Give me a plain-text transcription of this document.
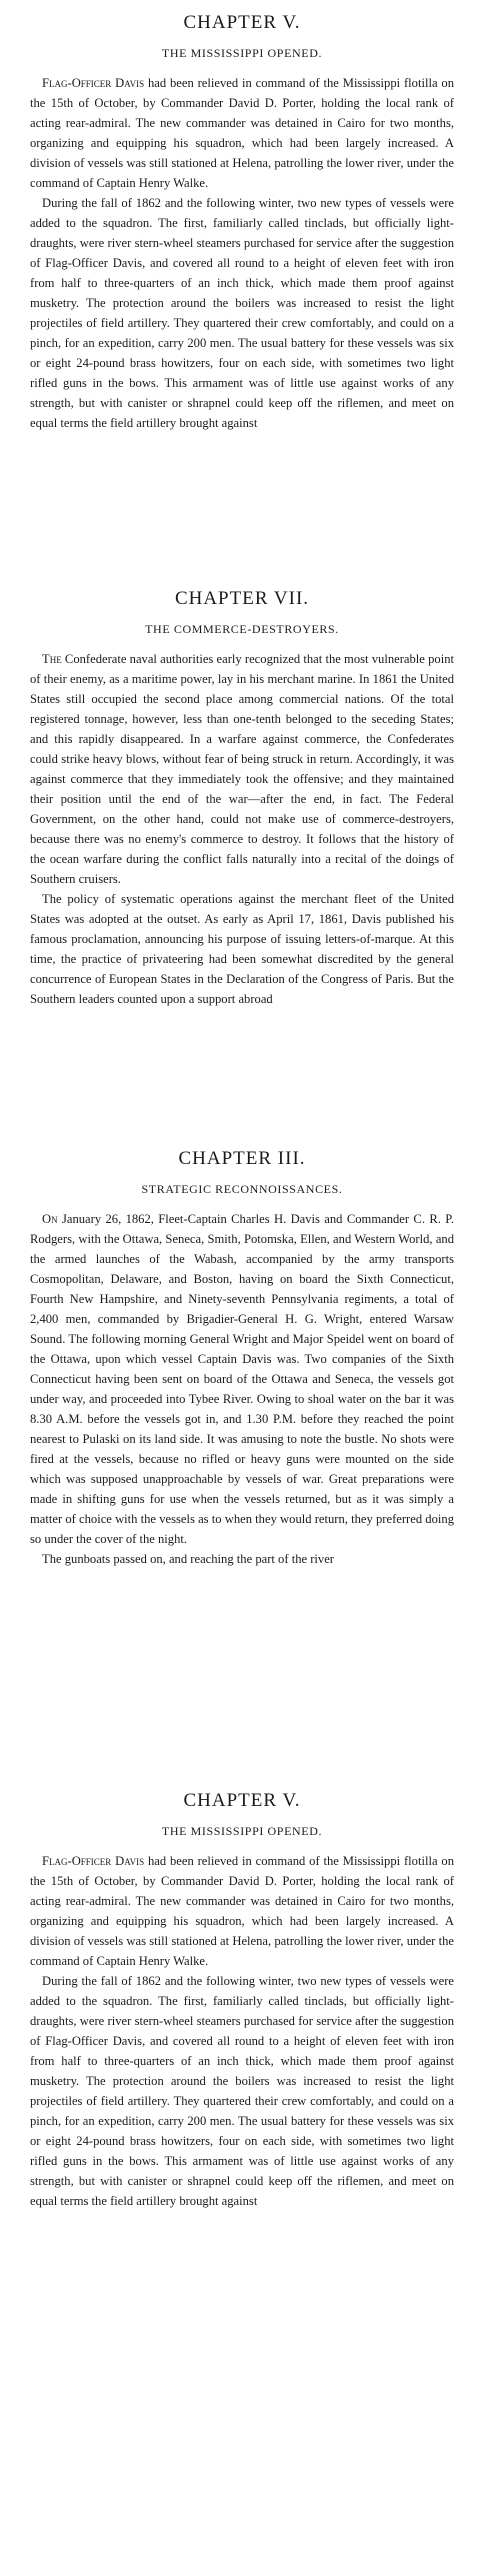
CHAPTER V.
THE MISSISSIPPI OPENED.

Flag-Officer Davis had been relieved in command of the Mississippi flotilla on the 15th of October, by Commander David D. Porter, holding the local rank of acting rear-admiral. The new commander was detained in Cairo for two months, organizing and equipping his squadron, which had been largely increased. A division of vessels was still stationed at Helena, patrolling the lower river, under the command of Captain Henry Walke.

During the fall of 1862 and the following winter, two new types of vessels were added to the squadron. The first, familiarly called tinclads, but officially light-draughts, were river stern-wheel steamers purchased for service after the suggestion of Flag-Officer Davis, and covered all round to a height of eleven feet with iron from half to three-quarters of an inch thick, which made them proof against musketry. The protection around the boilers was increased to resist the light projectiles of field artillery. They quartered their crew comfortably, and could on a pinch, for an expedition, carry 200 men. The usual battery for these vessels was six or eight 24-pound brass howitzers, four on each side, with sometimes two light rifled guns in the bows. This armament was of little use against works of any strength, but with canister or shrapnel could keep off the riflemen, and meet on equal terms the field artillery brought against

CHAPTER VII.
THE COMMERCE-DESTROYERS.

The Confederate naval authorities early recognized that the most vulnerable point of their enemy, as a maritime power, lay in his merchant marine. In 1861 the United States still occupied the second place among commercial nations. Of the total registered tonnage, however, less than one-tenth belonged to the seceding States; and this rapidly disappeared. In a warfare against commerce, the Confederates could strike heavy blows, without fear of being struck in return. Accordingly, it was against commerce that they immediately took the offensive; and they maintained their position until the end of the war—after the end, in fact. The Federal Government, on the other hand, could not make use of commerce-destroyers, because there was no enemy's commerce to destroy. It follows that the history of the ocean warfare during the conflict falls naturally into a recital of the doings of Southern cruisers.

The policy of systematic operations against the merchant fleet of the United States was adopted at the outset. As early as April 17, 1861, Davis published his famous proclamation, announcing his purpose of issuing letters-of-marque. At this time, the practice of privateering had been somewhat discredited by the general concurrence of European States in the Declaration of the Congress of Paris. But the Southern leaders counted upon a support abroad

CHAPTER III.
STRATEGIC RECONNOISSANCES.

On January 26, 1862, Fleet-Captain Charles H. Davis and Commander C. R. P. Rodgers, with the Ottawa, Seneca, Smith, Potomska, Ellen, and Western World, and the armed launches of the Wabash, accompanied by the army transports Cosmopolitan, Delaware, and Boston, having on board the Sixth Connecticut, Fourth New Hampshire, and Ninety-seventh Pennsylvania regiments, a total of 2,400 men, commanded by Brigadier-General H. G. Wright, entered Warsaw Sound. The following morning General Wright and Major Speidel went on board of the Ottawa, upon which vessel Captain Davis was. Two companies of the Sixth Connecticut having been sent on board of the Ottawa and Seneca, the vessels got under way, and proceeded into Tybee River. Owing to shoal water on the bar it was 8.30 A.M. before the vessels got in, and 1.30 P.M. before they reached the point nearest to Pulaski on its land side. It was amusing to note the bustle. No shots were fired at the vessels, because no rifled or heavy guns were mounted on the side which was supposed unapproachable by vessels of war. Great preparations were made in shifting guns for use when the vessels returned, but as it was simply a matter of choice with the vessels as to when they would return, they preferred doing so under the cover of the night.

The gunboats passed on, and reaching the part of the river

CHAPTER V.
THE MISSISSIPPI OPENED.

Flag-Officer Davis had been relieved in command of the Mississippi flotilla on the 15th of October, by Commander David D. Porter, holding the local rank of acting rear-admiral. The new commander was detained in Cairo for two months, organizing and equipping his squadron, which had been largely increased. A division of vessels was still stationed at Helena, patrolling the lower river, under the command of Captain Henry Walke.

During the fall of 1862 and the following winter, two new types of vessels were added to the squadron. The first, familiarly called tinclads, but officially light-draughts, were river stern-wheel steamers purchased for service after the suggestion of Flag-Officer Davis, and covered all round to a height of eleven feet with iron from half to three-quarters of an inch thick, which made them proof against musketry. The protection around the boilers was increased to resist the light projectiles of field artillery. They quartered their crew comfortably, and could on a pinch, for an expedition, carry 200 men. The usual battery for these vessels was six or eight 24-pound brass howitzers, four on each side, with sometimes two light rifled guns in the bows. This armament was of little use against works of any strength, but with canister or shrapnel could keep off the riflemen, and meet on equal terms the field artillery brought against
